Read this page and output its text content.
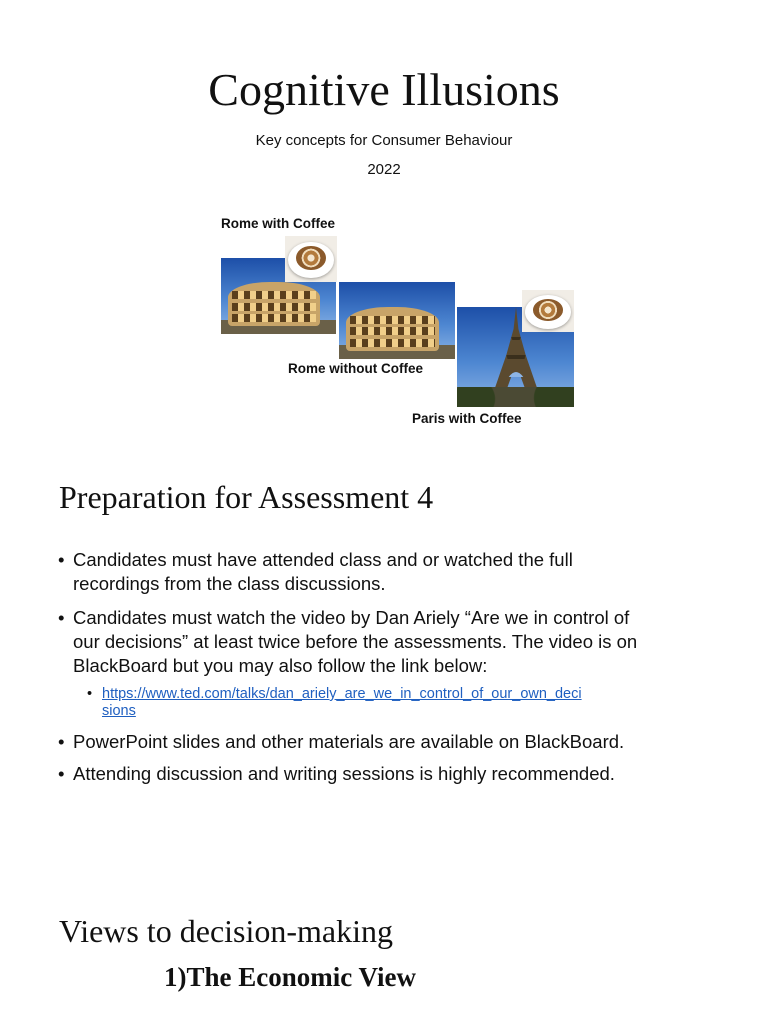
Cognitive Illusions
Key concepts for Consumer Behaviour
2022
Rome with Coffee
Rome without Coffee
Paris with Coffee
Preparation for Assessment 4
• Candidates must have attended class and or watched the full
recordings from the class discussions.
• Candidates must watch the video by Dan Ariely “Are we in control of
our decisions” at least twice before the assessments. The video is on
BlackBoard but you may also follow the link below:
• https://www.ted.com/talks/dan_ariely_are_we_in_control_of_our_own_deci
sions
• PowerPoint slides and other materials are available on BlackBoard.
• Attending discussion and writing sessions is highly recommended.
Views to decision-making
1)The Economic View
